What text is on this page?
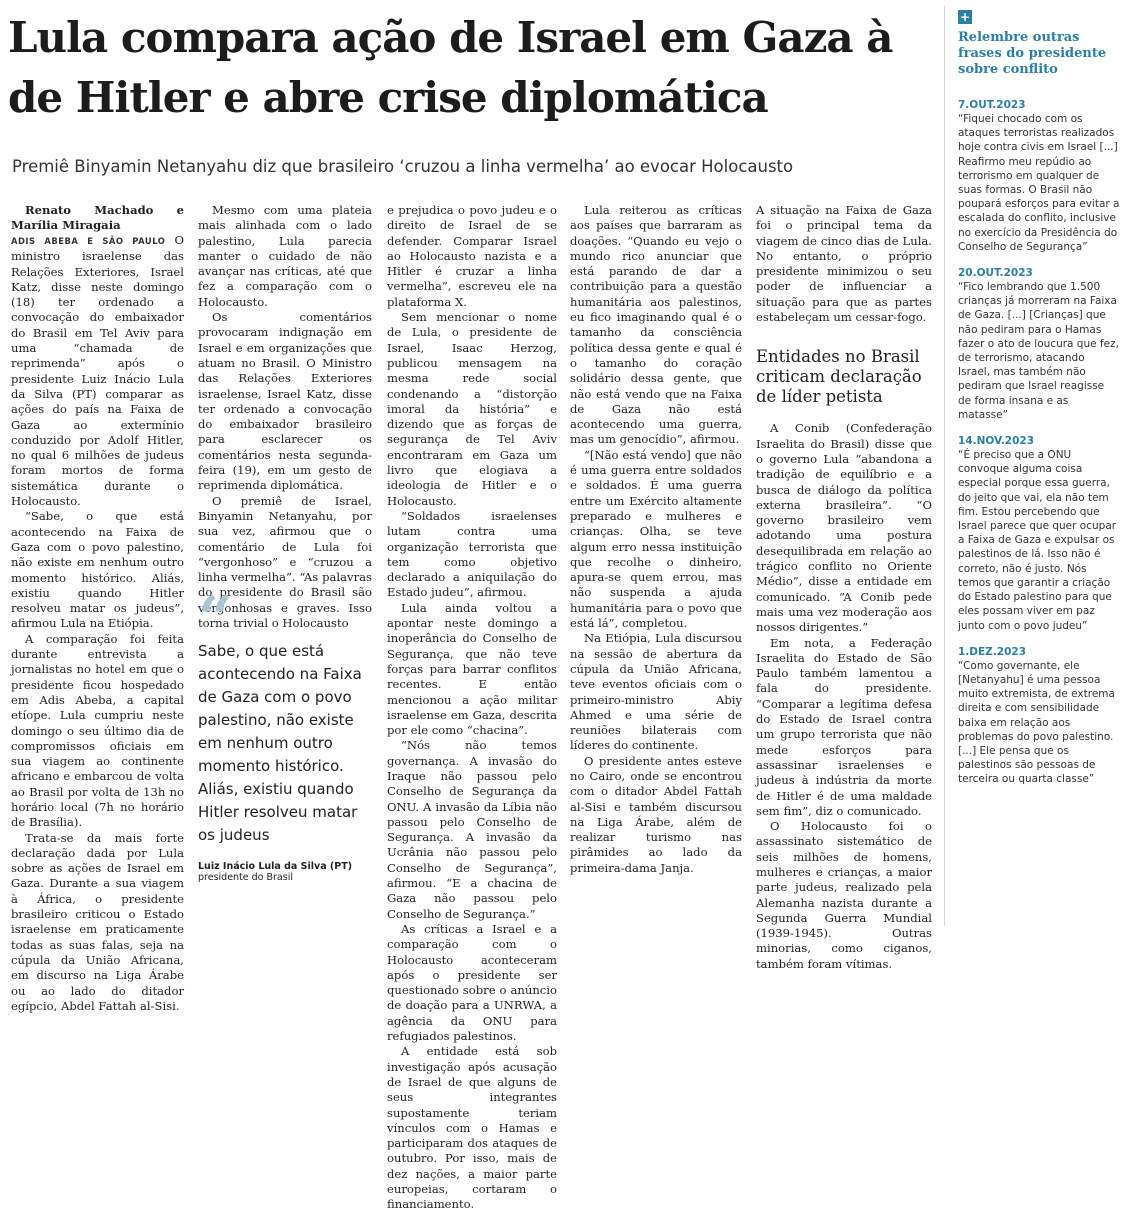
Lula compara ação de Israel em Gaza à de Hitler e abre crise diplomática

Premiê Binyamin Netanyahu diz que brasileiro ‘cruzou a linha vermelha’ ao evocar Holocausto

Renato Machado e Marília Miragaia

ADIS ABEBA E SÃO PAULO O ministro israelense das Relações Exteriores, Israel Katz, disse neste domingo (18) ter ordenado a convocação do embaixador do Brasil em Tel Aviv para uma “chamada de reprimenda” após o presidente Luiz Inácio Lula da Silva (PT) comparar as ações do país na Faixa de Gaza ao extermínio conduzido por Adolf Hitler, no qual 6 milhões de judeus foram mortos de forma sistemática durante o Holocausto.

“Sabe, o que está acontecendo na Faixa de Gaza com o povo palestino, não existe em nenhum outro momento histórico. Aliás, existiu quando Hitler resolveu matar os judeus”, afirmou Lula na Etiópia.

A comparação foi feita durante entrevista a jornalistas no hotel em que o presidente ficou hospedado em Adis Abeba, a capital etíope. Lula cumpriu neste domingo o seu último dia de compromissos oficiais em sua viagem ao continente africano e embarcou de volta ao Brasil por volta de 13h no horário local (7h no horário de Brasília).

Trata-se da mais forte declaração dada por Lula sobre as ações de Israel em Gaza. Durante a sua viagem à África, o presidente brasileiro criticou o Estado israelense em praticamente todas as suas falas, seja na cúpula da União Africana, em discurso na Liga Árabe ou ao lado do ditador egípcio, Abdel Fattah al-Sisi.

Mesmo com uma plateia mais alinhada com o lado palestino, Lula parecia manter o cuidado de não avançar nas críticas, até que fez a comparação com o Holocausto.

Os comentários provocaram indignação em Israel e em organizações que atuam no Brasil. O Ministro das Relações Exteriores israelense, Israel Katz, disse ter ordenado a convocação do embaixador brasileiro para esclarecer os comentários nesta segunda-feira (19), em um gesto de reprimenda diplomática.

O premiê de Israel, Binyamin Netanyahu, por sua vez, afirmou que o comentário de Lula foi “vergonhoso” e “cruzou a linha vermelha”. “As palavras do presidente do Brasil são vergonhosas e graves. Isso torna trivial o Holocausto

“
Sabe, o que está acontecendo na Faixa de Gaza com o povo palestino, não existe em nenhum outro momento histórico. Aliás, existiu quando Hitler resolveu matar os judeus
Luiz Inácio Lula da Silva (PT)
presidente do Brasil

e prejudica o povo judeu e o direito de Israel de se defender. Comparar Israel ao Holocausto nazista e a Hitler é cruzar a linha vermelha”, escreveu ele na plataforma X.

Sem mencionar o nome de Lula, o presidente de Israel, Isaac Herzog, publicou mensagem na mesma rede social condenando a “distorção imoral da história” e dizendo que as forças de segurança de Tel Aviv encontraram em Gaza um livro que elogiava a ideologia de Hitler e o Holocausto.

“Soldados israelenses lutam contra uma organização terrorista que tem como objetivo declarado a aniquilação do Estado judeu”, afirmou.

Lula ainda voltou a apontar neste domingo a inoperância do Conselho de Segurança, que não teve forças para barrar conflitos recentes. E então mencionou a ação militar israelense em Gaza, descrita por ele como “chacina”.

“Nós não temos governança. A invasão do Iraque não passou pelo Conselho de Segurança da ONU. A invasão da Líbia não passou pelo Conselho de Segurança. A invasão da Ucrânia não passou pelo Conselho de Segurança”, afirmou. “E a chacina de Gaza não passou pelo Conselho de Segurança.”

As críticas a Israel e a comparação com o Holocausto aconteceram após o presidente ser questionado sobre o anúncio de doação para a UNRWA, a agência da ONU para refugiados palestinos.

A entidade está sob investigação após acusação de Israel de que alguns de seus integrantes supostamente teriam vínculos com o Hamas e participaram dos ataques de outubro. Por isso, mais de dez nações, a maior parte europeias, cortaram o financiamento.

Lula reiterou as críticas aos países que barraram as doações. “Quando eu vejo o mundo rico anunciar que está parando de dar a contribuição para a questão humanitária aos palestinos, eu fico imaginando qual é o tamanho da consciência política dessa gente e qual é o tamanho do coração solidário dessa gente, que não está vendo que na Faixa de Gaza não está acontecendo uma guerra, mas um genocídio”, afirmou.

“[Não está vendo] que não é uma guerra entre soldados e soldados. É uma guerra entre um Exército altamente preparado e mulheres e crianças. Olha, se teve algum erro nessa instituição que recolhe o dinheiro, apura-se quem errou, mas não suspenda a ajuda humanitária para o povo que está lá”, completou.

Na Etiópia, Lula discursou na sessão de abertura da cúpula da União Africana, teve eventos oficiais com o primeiro-ministro Abiy Ahmed e uma série de reuniões bilaterais com líderes do continente.

O presidente antes esteve no Cairo, onde se encontrou com o ditador Abdel Fattah al-Sisi e também discursou na Liga Árabe, além de realizar turismo nas pirâmides ao lado da primeira-dama Janja.

A situação na Faixa de Gaza foi o principal tema da viagem de cinco dias de Lula. No entanto, o próprio presidente minimizou o seu poder de influenciar a situação para que as partes estabeleçam um cessar-fogo.

Entidades no Brasil criticam declaração de líder petista

A Conib (Confederação Israelita do Brasil) disse que o governo Lula “abandona a tradição de equilíbrio e a busca de diálogo da política externa brasileira”. “O governo brasileiro vem adotando uma postura desequilibrada em relação ao trágico conflito no Oriente Médio”, disse a entidade em comunicado. “A Conib pede mais uma vez moderação aos nossos dirigentes.”

Em nota, a Federação Israelita do Estado de São Paulo também lamentou a fala do presidente. “Comparar a legítima defesa do Estado de Israel contra um grupo terrorista que não mede esforços para assassinar israelenses e judeus à indústria da morte de Hitler é de uma maldade sem fim”, diz o comunicado.

O Holocausto foi o assassinato sistemático de seis milhões de homens, mulheres e crianças, a maior parte judeus, realizado pela Alemanha nazista durante a Segunda Guerra Mundial (1939-1945). Outras minorias, como ciganos, também foram vítimas.

+
Relembre outras frases do presidente sobre conflito
7.OUT.2023
“Fiquei chocado com os ataques terroristas realizados hoje contra civis em Israel [...] Reafirmo meu repúdio ao terrorismo em qualquer de suas formas. O Brasil não poupará esforços para evitar a escalada do conflito, inclusive no exercício da Presidência do Conselho de Segurança”
20.OUT.2023
“Fico lembrando que 1.500 crianças já morreram na Faixa de Gaza. [...] [Crianças] que não pediram para o Hamas fazer o ato de loucura que fez, de terrorismo, atacando Israel, mas também não pediram que Israel reagisse de forma insana e as matasse”
14.NOV.2023
“É preciso que a ONU convoque alguma coisa especial porque essa guerra, do jeito que vai, ela não tem fim. Estou percebendo que Israel parece que quer ocupar a Faixa de Gaza e expulsar os palestinos de lá. Isso não é correto, não é justo. Nós temos que garantir a criação do Estado palestino para que eles possam viver em paz junto com o povo judeu”
1.DEZ.2023
“Como governante, ele [Netanyahu] é uma pessoa muito extremista, de extrema direita e com sensibilidade baixa em relação aos problemas do povo palestino. [...] Ele pensa que os palestinos são pessoas de terceira ou quarta classe”
